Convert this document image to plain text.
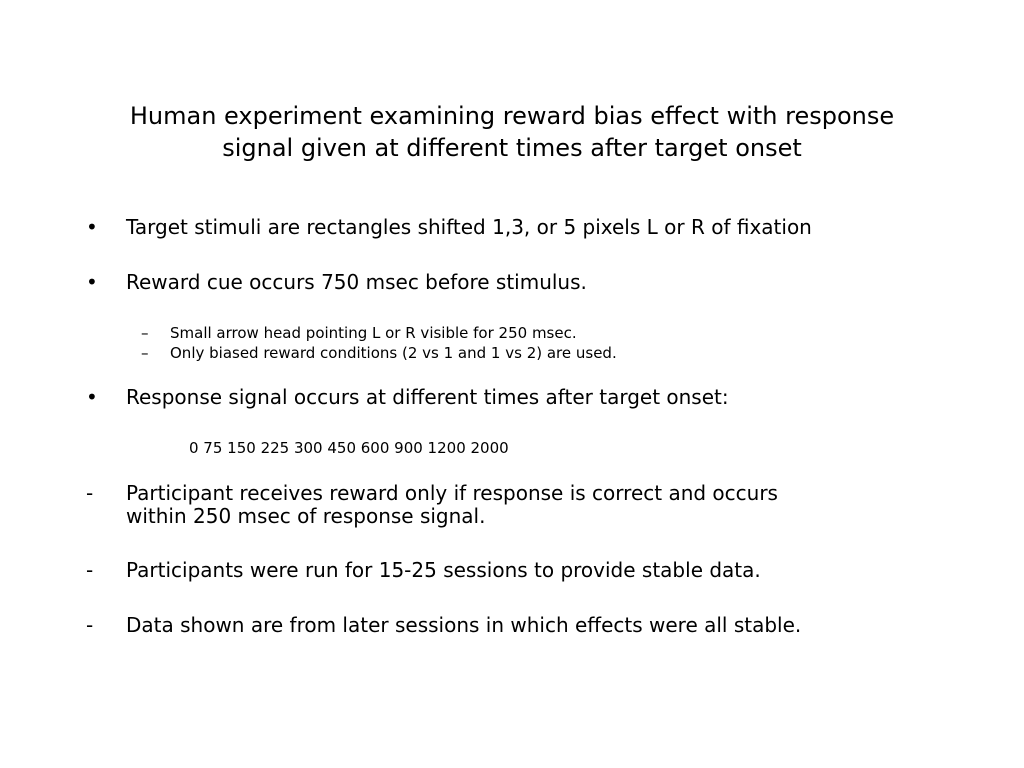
Human experiment examining reward bias effect with response
signal given at different times after target onset
• Target stimuli are rectangles shifted 1,3, or 5 pixels L or R of fixation
• Reward cue occurs 750 msec before stimulus.
– Small arrow head pointing L or R visible for 250 msec.
– Only biased reward conditions (2 vs 1 and 1 vs 2) are used.
• Response signal occurs at different times after target onset:
0 75 150 225 300 450 600 900 1200 2000
- Participant receives reward only if response is correct and occurs
within 250 msec of response signal.
- Participants were run for 15-25 sessions to provide stable data.
- Data shown are from later sessions in which effects were all stable.
